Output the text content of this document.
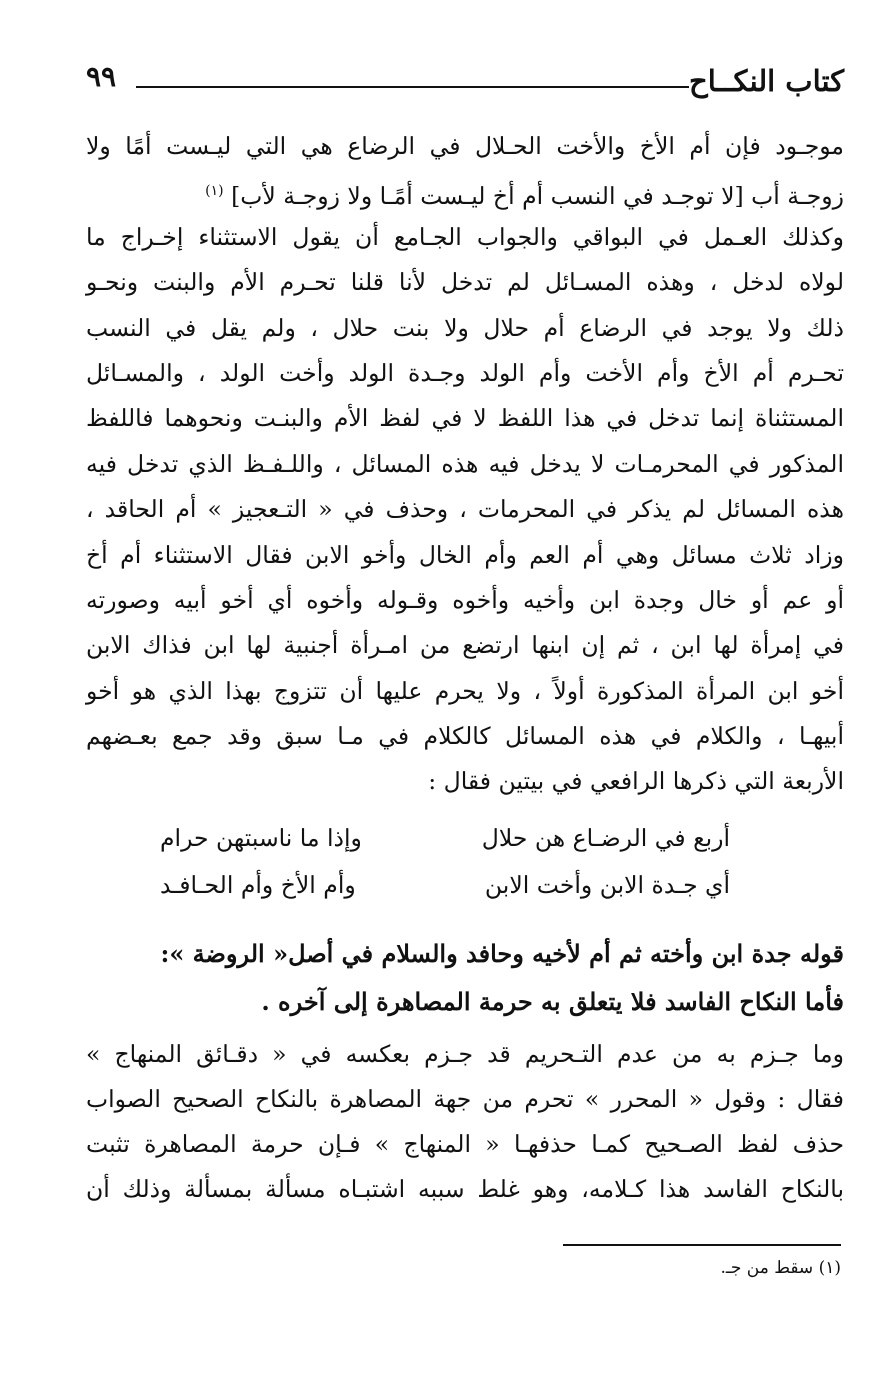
كتاب النكــاح
٩٩
موجـود فإن أم الأخ والأخت الحـلال في الرضاع هي التي ليـست أمًا ولا
زوجـة أب [لا توجـد في النسب أم أخ ليـست أمًـا ولا زوجـة لأب] $^{(١)}$
وكذلك العـمل في البواقي والجواب الجـامع أن يقول الاستثناء إخـراج ما
لولاه لدخل ، وهذه المسـائل لم تدخل لأنا قلنا تحـرم الأم والبنت ونحـو
ذلك ولا يوجد في الرضاع أم حلال ولا بنت حلال ، ولم يقل في النسب
تحـرم أم الأخ وأم الأخت وأم الولد وجـدة الولد وأخت الولد ، والمسـائل
المستثناة إنما تدخل في هذا اللفظ لا في لفظ الأم والبنـت ونحوهما فاللفظ
المذكور في المحرمـات لا يدخل فيه هذه المسائل ، واللـفـظ الذي تدخل فيه
هذه المسائل لم يذكر في المحرمات ، وحذف في « التـعجيز » أم الحاقد ،
وزاد ثلاث مسائل وهي أم العم وأم الخال وأخو الابن فقال الاستثناء أم أخ
أو عم أو خال وجدة ابن وأخيه وأخوه وقـوله وأخوه أي أخو أبيه وصورته
في إمرأة لها ابن ، ثم إن ابنها ارتضع من امـرأة أجنبية لها ابن فذاك الابن
أخو ابن المرأة المذكورة أولاً ، ولا يحرم عليها أن تتزوج بهذا الذي هو أخو
أبيهـا ، والكلام في هذه المسائل كالكلام في مـا سبق وقد جمع بعـضهم
الأربعة التي ذكرها الرافعي في بيتين فقال :
أربع في الرضـاع هن حلال
وإذا ما ناسبتهن حرام
أي جـدة الابن وأخت الابن
وأم الأخ وأم الحـافـد
قوله جدة ابن وأخته ثم أم لأخيه وحافد والسلام في أصل« الروضة »:
فأما النكاح الفاسد فلا يتعلق به حرمة المصاهرة إلى آخره .
وما جـزم به من عدم التـحريم قد جـزم بعكسه في « دقـائق المنهاج »
فقال : وقول « المحرر » تحرم من جهة المصاهرة بالنكاح الصحيح الصواب
حذف لفظ الصـحيح كمـا حذفهـا « المنهاج » فـإن حرمة المصاهرة تثبت
بالنكاح الفاسد هذا كـلامه، وهو غلط سببه اشتبـاه مسألة بمسألة وذلك أن
(١) سقط من جـ.
